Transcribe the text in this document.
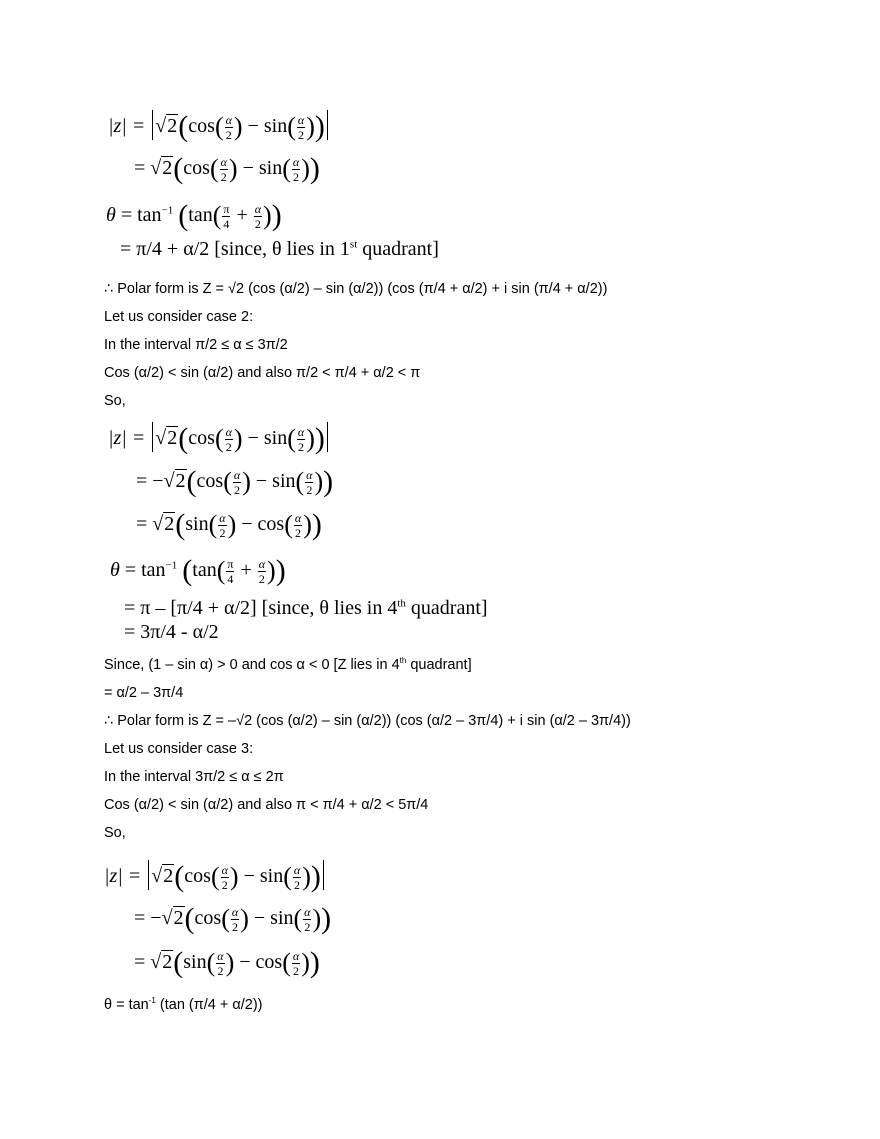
$|z| = √2(\cos( \frac{\alpha}{2}$ ) − $\sin( \frac{\alpha}{2}$ ))
= $√2(\cos( \frac{\alpha}{2}$ ) − $\sin( \frac{\alpha}{2}$ ))
$\theta = \tan^{-1} (\tan( \frac{\pi}{4} + \frac{\alpha}{2}$ ))
= π/4 + α/2 [since, θ lies in 1st quadrant]
∴ Polar form is Z = √2 (cos (α/2) – sin (α/2)) (cos (π/4 + α/2) + i sin (π/4 + α/2))
Let us consider case 2:
In the interval π/2 ≤ α ≤ 3π/2
Cos (α/2) < sin (α/2) and also π/2 < π/4 + α/2 < π
So,
$|z| = √2(\cos( \frac{\alpha}{2}$ ) − $\sin( \frac{\alpha}{2}$ ))
= $-√2(\cos( \frac{\alpha}{2}$ ) − $\sin( \frac{\alpha}{2}$ ))
= $√2(\sin( \frac{\alpha}{2}$ ) − $\cos( \frac{\alpha}{2}$ ))
$\theta = \tan^{-1} (\tan( \frac{\pi}{4} + \frac{\alpha}{2}$ ))
= π – [π/4 + α/2] [since, θ lies in 4th quadrant]
= 3π/4 - α/2
Since, (1 – sin α) > 0 and cos α < 0 [Z lies in 4th quadrant]
= α/2 – 3π/4
∴ Polar form is Z = –√2 (cos (α/2) – sin (α/2)) (cos (α/2 – 3π/4) + i sin (α/2 – 3π/4))
Let us consider case 3:
In the interval 3π/2 ≤ α ≤ 2π
Cos (α/2) < sin (α/2) and also π < π/4 + α/2 < 5π/4
So,
$|z| = √2(\cos( \frac{\alpha}{2}$ ) − $\sin( \frac{\alpha}{2}$ ))
= $-√2(\cos( \frac{\alpha}{2}$ ) − $\sin( \frac{\alpha}{2}$ ))
= $√2(\sin( \frac{\alpha}{2}$ ) − $\cos( \frac{\alpha}{2}$ ))
$\theta = \tan^{-1} (\tan$ (π/4 + α/2))
